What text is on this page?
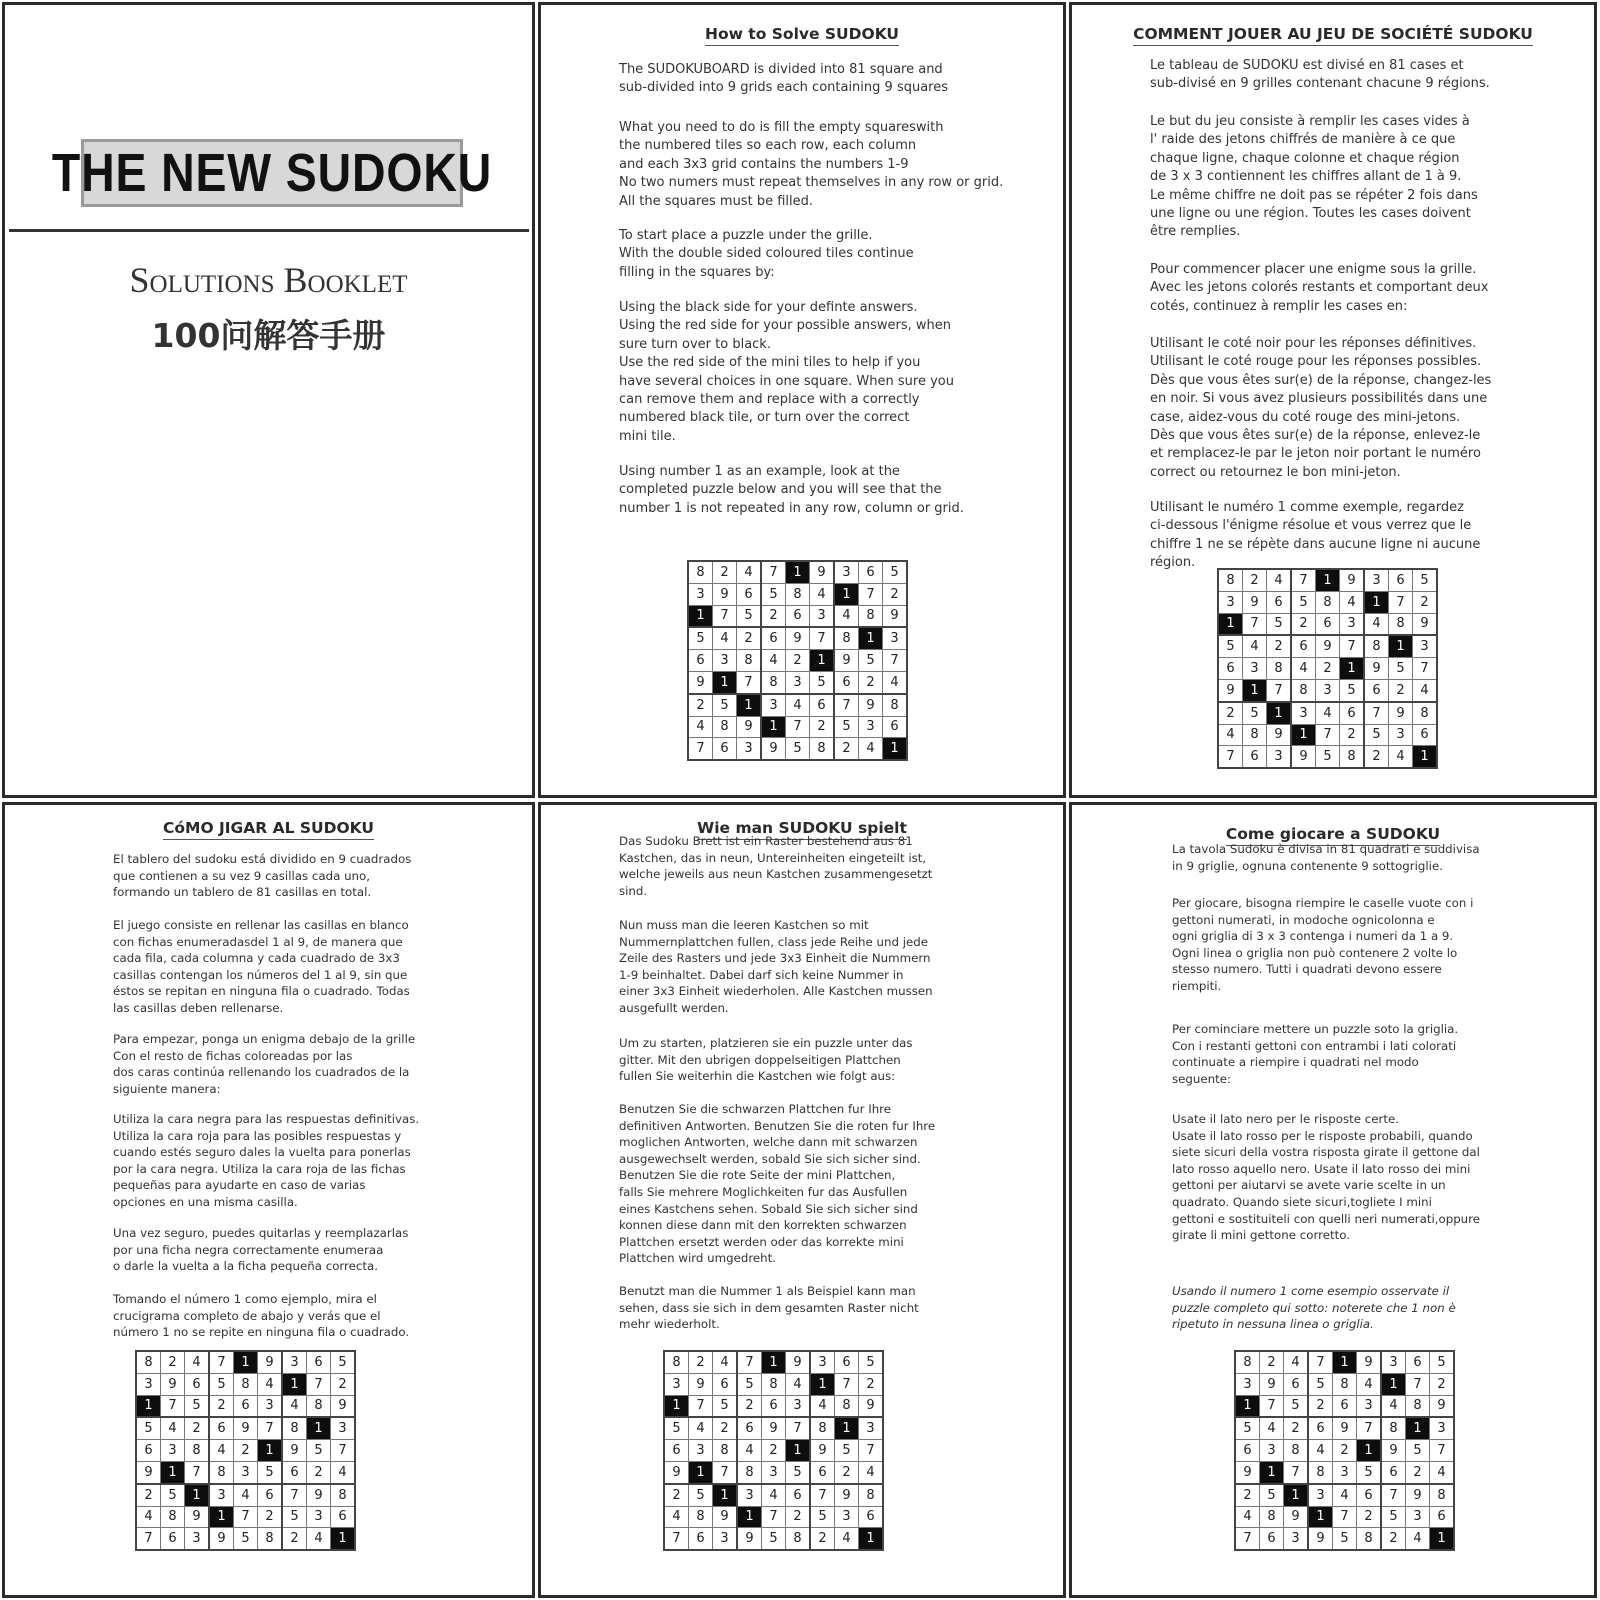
THE NEW SUDOKU
Solutions Booklet
100问解答手册
How to Solve SUDOKU

The SUDOKUBOARD is divided into 81 square and
sub-divided into 9 grids each containing 9 squares

What you need to do is fill the empty squareswith
the numbered tiles so each row, each column
and each 3x3 grid contains the numbers 1-9
No two numers must repeat themselves in any row or grid.
All the squares must be filled.

To start place a puzzle under the grille.
With the double sided coloured tiles continue
filling in the squares by:

Using the black side for your definte answers.
Using the red side for your possible answers, when
sure turn over to black.
Use the red side of the mini tiles to help if you
have several choices in one square. When sure you
can remove them and replace with a correctly
numbered black tile, or turn over the correct
mini tile.

Using number 1 as an example, look at the
completed puzzle below and you will see that the
number 1 is not repeated in any row, column or grid.

8	2	4	7	1	9	3	6	5
3	9	6	5	8	4	1	7	2
1	7	5	2	6	3	4	8	9
5	4	2	6	9	7	8	1	3
6	3	8	4	2	1	9	5	7
9	1	7	8	3	5	6	2	4
2	5	1	3	4	6	7	9	8
4	8	9	1	7	2	5	3	6
7	6	3	9	5	8	2	4	1
COMMENT JOUER AU JEU DE SOCIÉTÉ SUDOKU

Le tableau de SUDOKU est divisé en 81 cases et
sub-divisé en 9 grilles contenant chacune 9 régions.

Le but du jeu consiste à remplir les cases vides à
l' raide des jetons chiffrés de manière à ce que
chaque ligne, chaque colonne et chaque région
de 3 x 3 contiennent les chiffres allant de 1 à 9.
Le même chiffre ne doit pas se répéter 2 fois dans
une ligne ou une région. Toutes les cases doivent
être remplies.

Pour commencer placer une enigme sous la grille.
Avec les jetons colorés restants et comportant deux
cotés, continuez à remplir les cases en:

Utilisant le coté noir pour les réponses définitives.
Utilisant le coté rouge pour les réponses possibles.
Dès que vous êtes sur(e) de la réponse, changez-les
en noir. Si vous avez plusieurs possibilités dans une
case, aidez-vous du coté rouge des mini-jetons.
Dès que vous êtes sur(e) de la réponse, enlevez-le
et remplacez-le par le jeton noir portant le numéro
correct ou retournez le bon mini-jeton.

Utilisant le numéro 1 comme exemple, regardez
ci-dessous l'énigme résolue et vous verrez que le
chiffre 1 ne se répète dans aucune ligne ni aucune
région.

8	2	4	7	1	9	3	6	5
3	9	6	5	8	4	1	7	2
1	7	5	2	6	3	4	8	9
5	4	2	6	9	7	8	1	3
6	3	8	4	2	1	9	5	7
9	1	7	8	3	5	6	2	4
2	5	1	3	4	6	7	9	8
4	8	9	1	7	2	5	3	6
7	6	3	9	5	8	2	4	1
CóMO JIGAR AL SUDOKU

El tablero del sudoku está dividido en 9 cuadrados
que contienen a su vez 9 casillas cada uno,
formando un tablero de 81 casillas en total.

El juego consiste en rellenar las casillas en blanco
con fichas enumeradasdel 1 al 9, de manera que
cada fila, cada columna y cada cuadrado de 3x3
casillas contengan los números del 1 al 9, sin que
éstos se repitan en ninguna fila o cuadrado. Todas
las casillas deben rellenarse.

Para empezar, ponga un enigma debajo de la grille
Con el resto de fichas coloreadas por las
dos caras continúa rellenando los cuadrados de la
siguiente manera:

Utiliza la cara negra para las respuestas definitivas.
Utiliza la cara roja para las posibles respuestas y
cuando estés seguro dales la vuelta para ponerlas
por la cara negra. Utiliza la cara roja de las fichas
pequeñas para ayudarte en caso de varias
opciones en una misma casilla.

Una vez seguro, puedes quitarlas y reemplazarlas
por una ficha negra correctamente enumeraa
o darle la vuelta a la ficha pequeña correcta.

Tomando el número 1 como ejemplo, mira el
crucigrama completo de abajo y verás que el
número 1 no se repite en ninguna fila o cuadrado.

8	2	4	7	1	9	3	6	5
3	9	6	5	8	4	1	7	2
1	7	5	2	6	3	4	8	9
5	4	2	6	9	7	8	1	3
6	3	8	4	2	1	9	5	7
9	1	7	8	3	5	6	2	4
2	5	1	3	4	6	7	9	8
4	8	9	1	7	2	5	3	6
7	6	3	9	5	8	2	4	1
Wie man SUDOKU spielt

Das Sudoku Brett ist ein Raster bestehend aus 81
Kastchen, das in neun, Untereinheiten eingeteilt ist,
welche jeweils aus neun Kastchen zusammengesetzt
sind.

Nun muss man die leeren Kastchen so mit
Nummernplattchen fullen, class jede Reihe und jede
Zeile des Rasters und jede 3x3 Einheit die Nummern
1-9 beinhaltet. Dabei darf sich keine Nummer in
einer 3x3 Einheit wiederholen. Alle Kastchen mussen
ausgefullt werden.

Um zu starten, platzieren sie ein puzzle unter das
gitter. Mit den ubrigen doppelseitigen Plattchen
fullen Sie weiterhin die Kastchen wie folgt aus:

Benutzen Sie die schwarzen Plattchen fur Ihre
definitiven Antworten. Benutzen Sie die roten fur Ihre
moglichen Antworten, welche dann mit schwarzen
ausgewechselt werden, sobald Sie sich sicher sind.
Benutzen Sie die rote Seite der mini Plattchen,
falls Sie mehrere Moglichkeiten fur das Ausfullen
eines Kastchens sehen. Sobald Sie sich sicher sind
konnen diese dann mit den korrekten schwarzen
Plattchen ersetzt werden oder das korrekte mini
Plattchen wird umgedreht.

Benutzt man die Nummer 1 als Beispiel kann man
sehen, dass sie sich in dem gesamten Raster nicht
mehr wiederholt.

8	2	4	7	1	9	3	6	5
3	9	6	5	8	4	1	7	2
1	7	5	2	6	3	4	8	9
5	4	2	6	9	7	8	1	3
6	3	8	4	2	1	9	5	7
9	1	7	8	3	5	6	2	4
2	5	1	3	4	6	7	9	8
4	8	9	1	7	2	5	3	6
7	6	3	9	5	8	2	4	1
Come giocare a SUDOKU

La tavola Sudoku è divisa in 81 quadrati e suddivisa
in 9 griglie, ognuna contenente 9 sottogriglie.

Per giocare, bisogna riempire le caselle vuote con i
gettoni numerati, in modoche ognicolonna e
ogni griglia di 3 x 3 contenga i numeri da 1 a 9.
Ogni linea o griglia non può contenere 2 volte lo
stesso numero. Tutti i quadrati devono essere
riempiti.

Per cominciare mettere un puzzle soto la griglia.
Con i restanti gettoni con entrambi i lati colorati
continuate a riempire i quadrati nel modo
seguente:

Usate il lato nero per le risposte certe.
Usate il lato rosso per le risposte probabili, quando
siete sicuri della vostra risposta girate il gettone dal
lato rosso aquello nero. Usate il lato rosso dei mini
gettoni per aiutarvi se avete varie scelte in un
quadrato. Quando siete sicuri,togliete I mini
gettoni e sostituiteli con quelli neri numerati,oppure
girate li mini gettone corretto.

Usando il numero 1 come esempio osservate il
puzzle completo qui sotto: noterete che 1 non è
ripetuto in nessuna linea o griglia.

8	2	4	7	1	9	3	6	5
3	9	6	5	8	4	1	7	2
1	7	5	2	6	3	4	8	9
5	4	2	6	9	7	8	1	3
6	3	8	4	2	1	9	5	7
9	1	7	8	3	5	6	2	4
2	5	1	3	4	6	7	9	8
4	8	9	1	7	2	5	3	6
7	6	3	9	5	8	2	4	1
